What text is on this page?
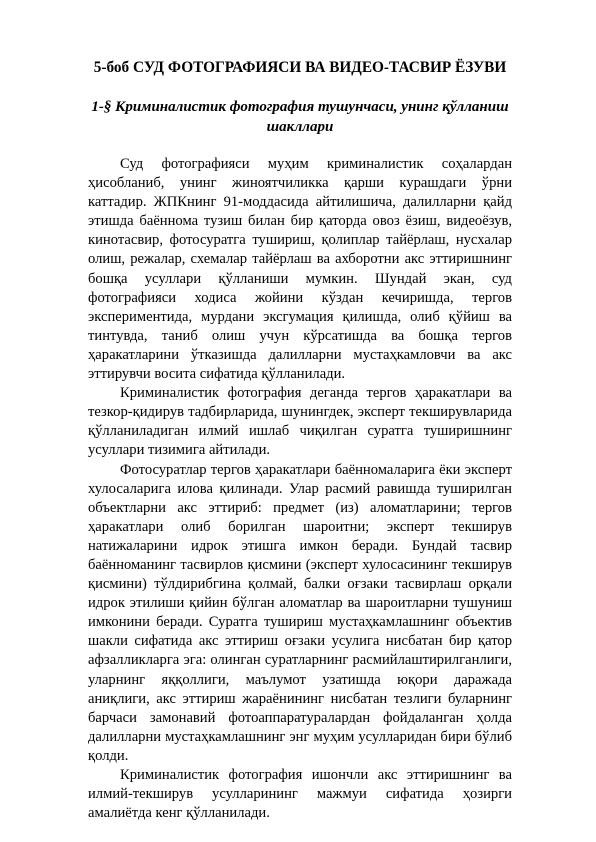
5-боб СУД ФОТОГРАФИЯСИ ВА ВИДЕО-ТАСВИР ЁЗУВИ
1-§ Криминалистик фотография тушунчаси, унинг қўлланиш шакллари

Суд фотографияси муҳим криминалистик соҳалардан ҳисобланиб, унинг жиноятчиликка қарши курашдаги ўрни каттадир. ЖПКнинг 91-моддасида айтилишича, далилларни қайд этишда баённома тузиш билан бир қаторда овоз ёзиш, видеоёзув, кинотасвир, фотосуратга тушириш, қолиплар тайёрлаш, нусхалар олиш, режалар, схемалар тайёрлаш ва ахборотни акс эттиришнинг бошқа усуллари қўлланиши мумкин. Шундай экан, суд фотографияси ходиса жойини кўздан кечиришда, тергов экспериментида, мурдани эксгумация қилишда, олиб қўйиш ва тинтувда, таниб олиш учун кўрсатишда ва бошқа тергов ҳаракатларини ўтказишда далилларни мустаҳкамловчи ва акс эттирувчи восита сифатида қўлланилади.

Криминалистик фотография деганда тергов ҳаракатлари ва тезкор-қидирув тадбирларида, шунингдек, эксперт текширувларида қўлланиладиган илмий ишлаб чиқилган суратга туширишнинг усуллари тизимига айтилади.

Фотосуратлар тергов ҳаракатлари баённомаларига ёки эксперт хулосаларига илова қилинади. Улар расмий равишда туширилган объектларни акс эттириб: предмет (из) аломатларини; тергов ҳаракатлари олиб борилган шароитни; эксперт текширув натижаларини идрок этишга имкон беради. Бундай тасвир баённоманинг тасвирлов қисмини (эксперт хулосасининг текширув қисмини) тўлдирибгина қолмай, балки оғзаки тасвирлаш орқали идрок этилиши қийин бўлган аломатлар ва шароитларни тушуниш имконини беради. Суратга тушириш мустаҳкамлашнинг объектив шакли сифатида акс эттириш оғзаки усулига нисбатан бир қатор афзалликларга эга: олинган суратларнинг расмийлаштирилганлиги, уларнинг яққоллиги, маълумот узатишда юқори даражада аниқлиги, акс эттириш жараёнининг нисбатан тезлиги буларнинг барчаси замонавий фотоаппаратуралардан фойдаланган ҳолда далилларни мустаҳкамлашнинг энг муҳим усулларидан бири бўлиб қолди.

Криминалистик фотография ишончли акс эттиришнинг ва илмий-текширув усулларининг мажмуи сифатида ҳозирги амалиётда кенг қўлланилади.
